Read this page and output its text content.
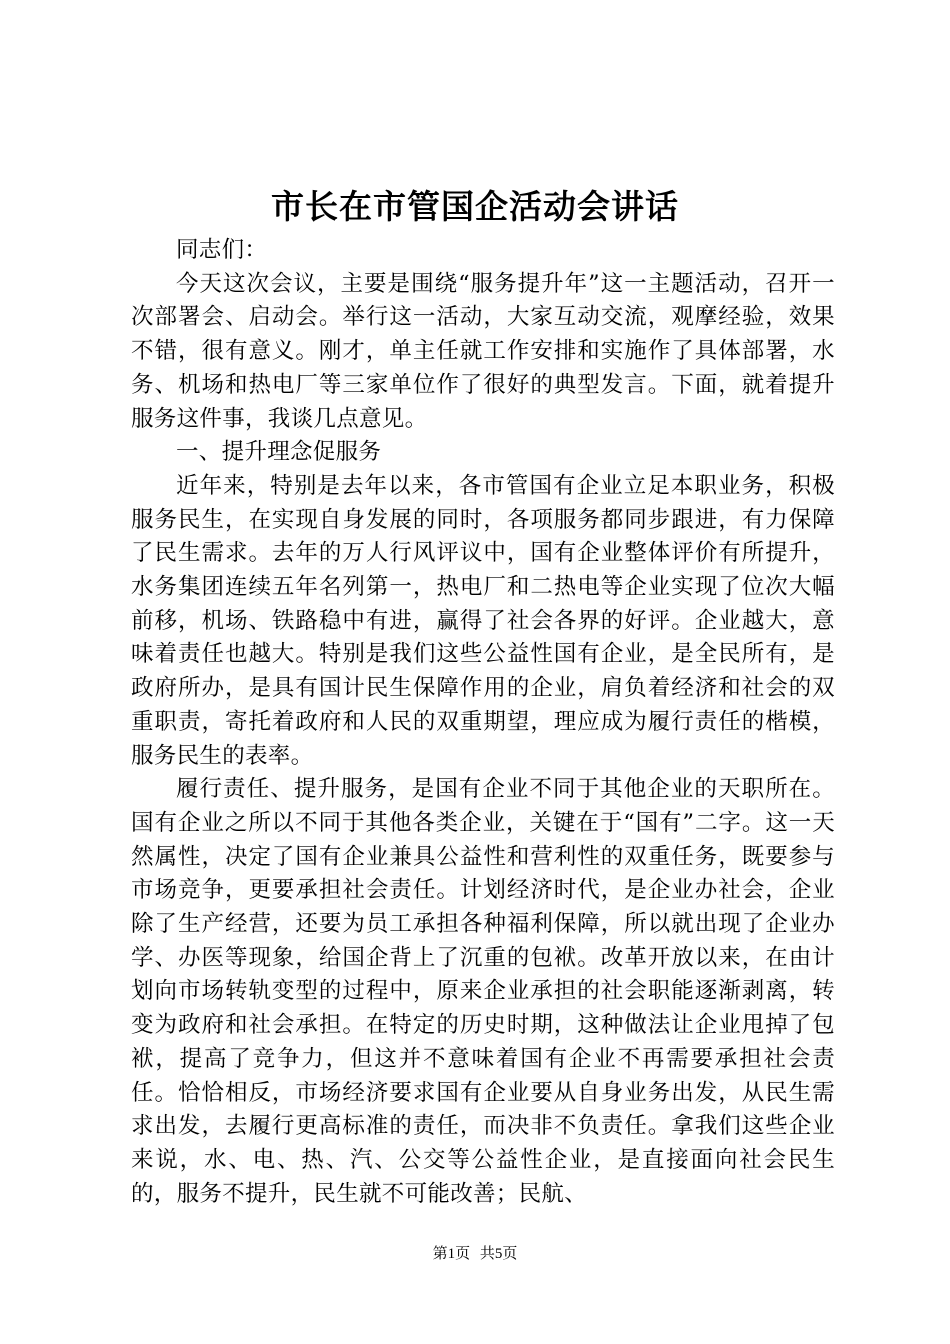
市长在市管国企活动会讲话

同志们：

今天这次会议，主要是围绕“服务提升年”这一主题活动，召开一次部署会、启动会。举行这一活动，大家互动交流，观摩经验，效果不错，很有意义。刚才，单主任就工作安排和实施作了具体部署，水务、机场和热电厂等三家单位作了很好的典型发言。下面，就着提升服务这件事，我谈几点意见。

一、提升理念促服务

近年来，特别是去年以来，各市管国有企业立足本职业务，积极服务民生，在实现自身发展的同时，各项服务都同步跟进，有力保障了民生需求。去年的万人行风评议中，国有企业整体评价有所提升，水务集团连续五年名列第一，热电厂和二热电等企业实现了位次大幅前移，机场、铁路稳中有进，赢得了社会各界的好评。企业越大，意味着责任也越大。特别是我们这些公益性国有企业，是全民所有，是政府所办，是具有国计民生保障作用的企业，肩负着经济和社会的双重职责，寄托着政府和人民的双重期望，理应成为履行责任的楷模，服务民生的表率。

履行责任、提升服务，是国有企业不同于其他企业的天职所在。国有企业之所以不同于其他各类企业，关键在于“国有”二字。这一天然属性，决定了国有企业兼具公益性和营利性的双重任务，既要参与市场竞争，更要承担社会责任。计划经济时代，是企业办社会，企业除了生产经营，还要为员工承担各种福利保障，所以就出现了企业办学、办医等现象，给国企背上了沉重的包袱。改革开放以来，在由计划向市场转轨变型的过程中，原来企业承担的社会职能逐渐剥离，转变为政府和社会承担。在特定的历史时期，这种做法让企业甩掉了包袱，提高了竞争力，但这并不意味着国有企业不再需要承担社会责任。恰恰相反，市场经济要求国有企业要从自身业务出发，从民生需求出发，去履行更高标准的责任，而决非不负责任。拿我们这些企业来说，水、电、热、汽、公交等公益性企业，是直接面向社会民生的，服务不提升，民生就不可能改善；民航、

第1页 共5页
